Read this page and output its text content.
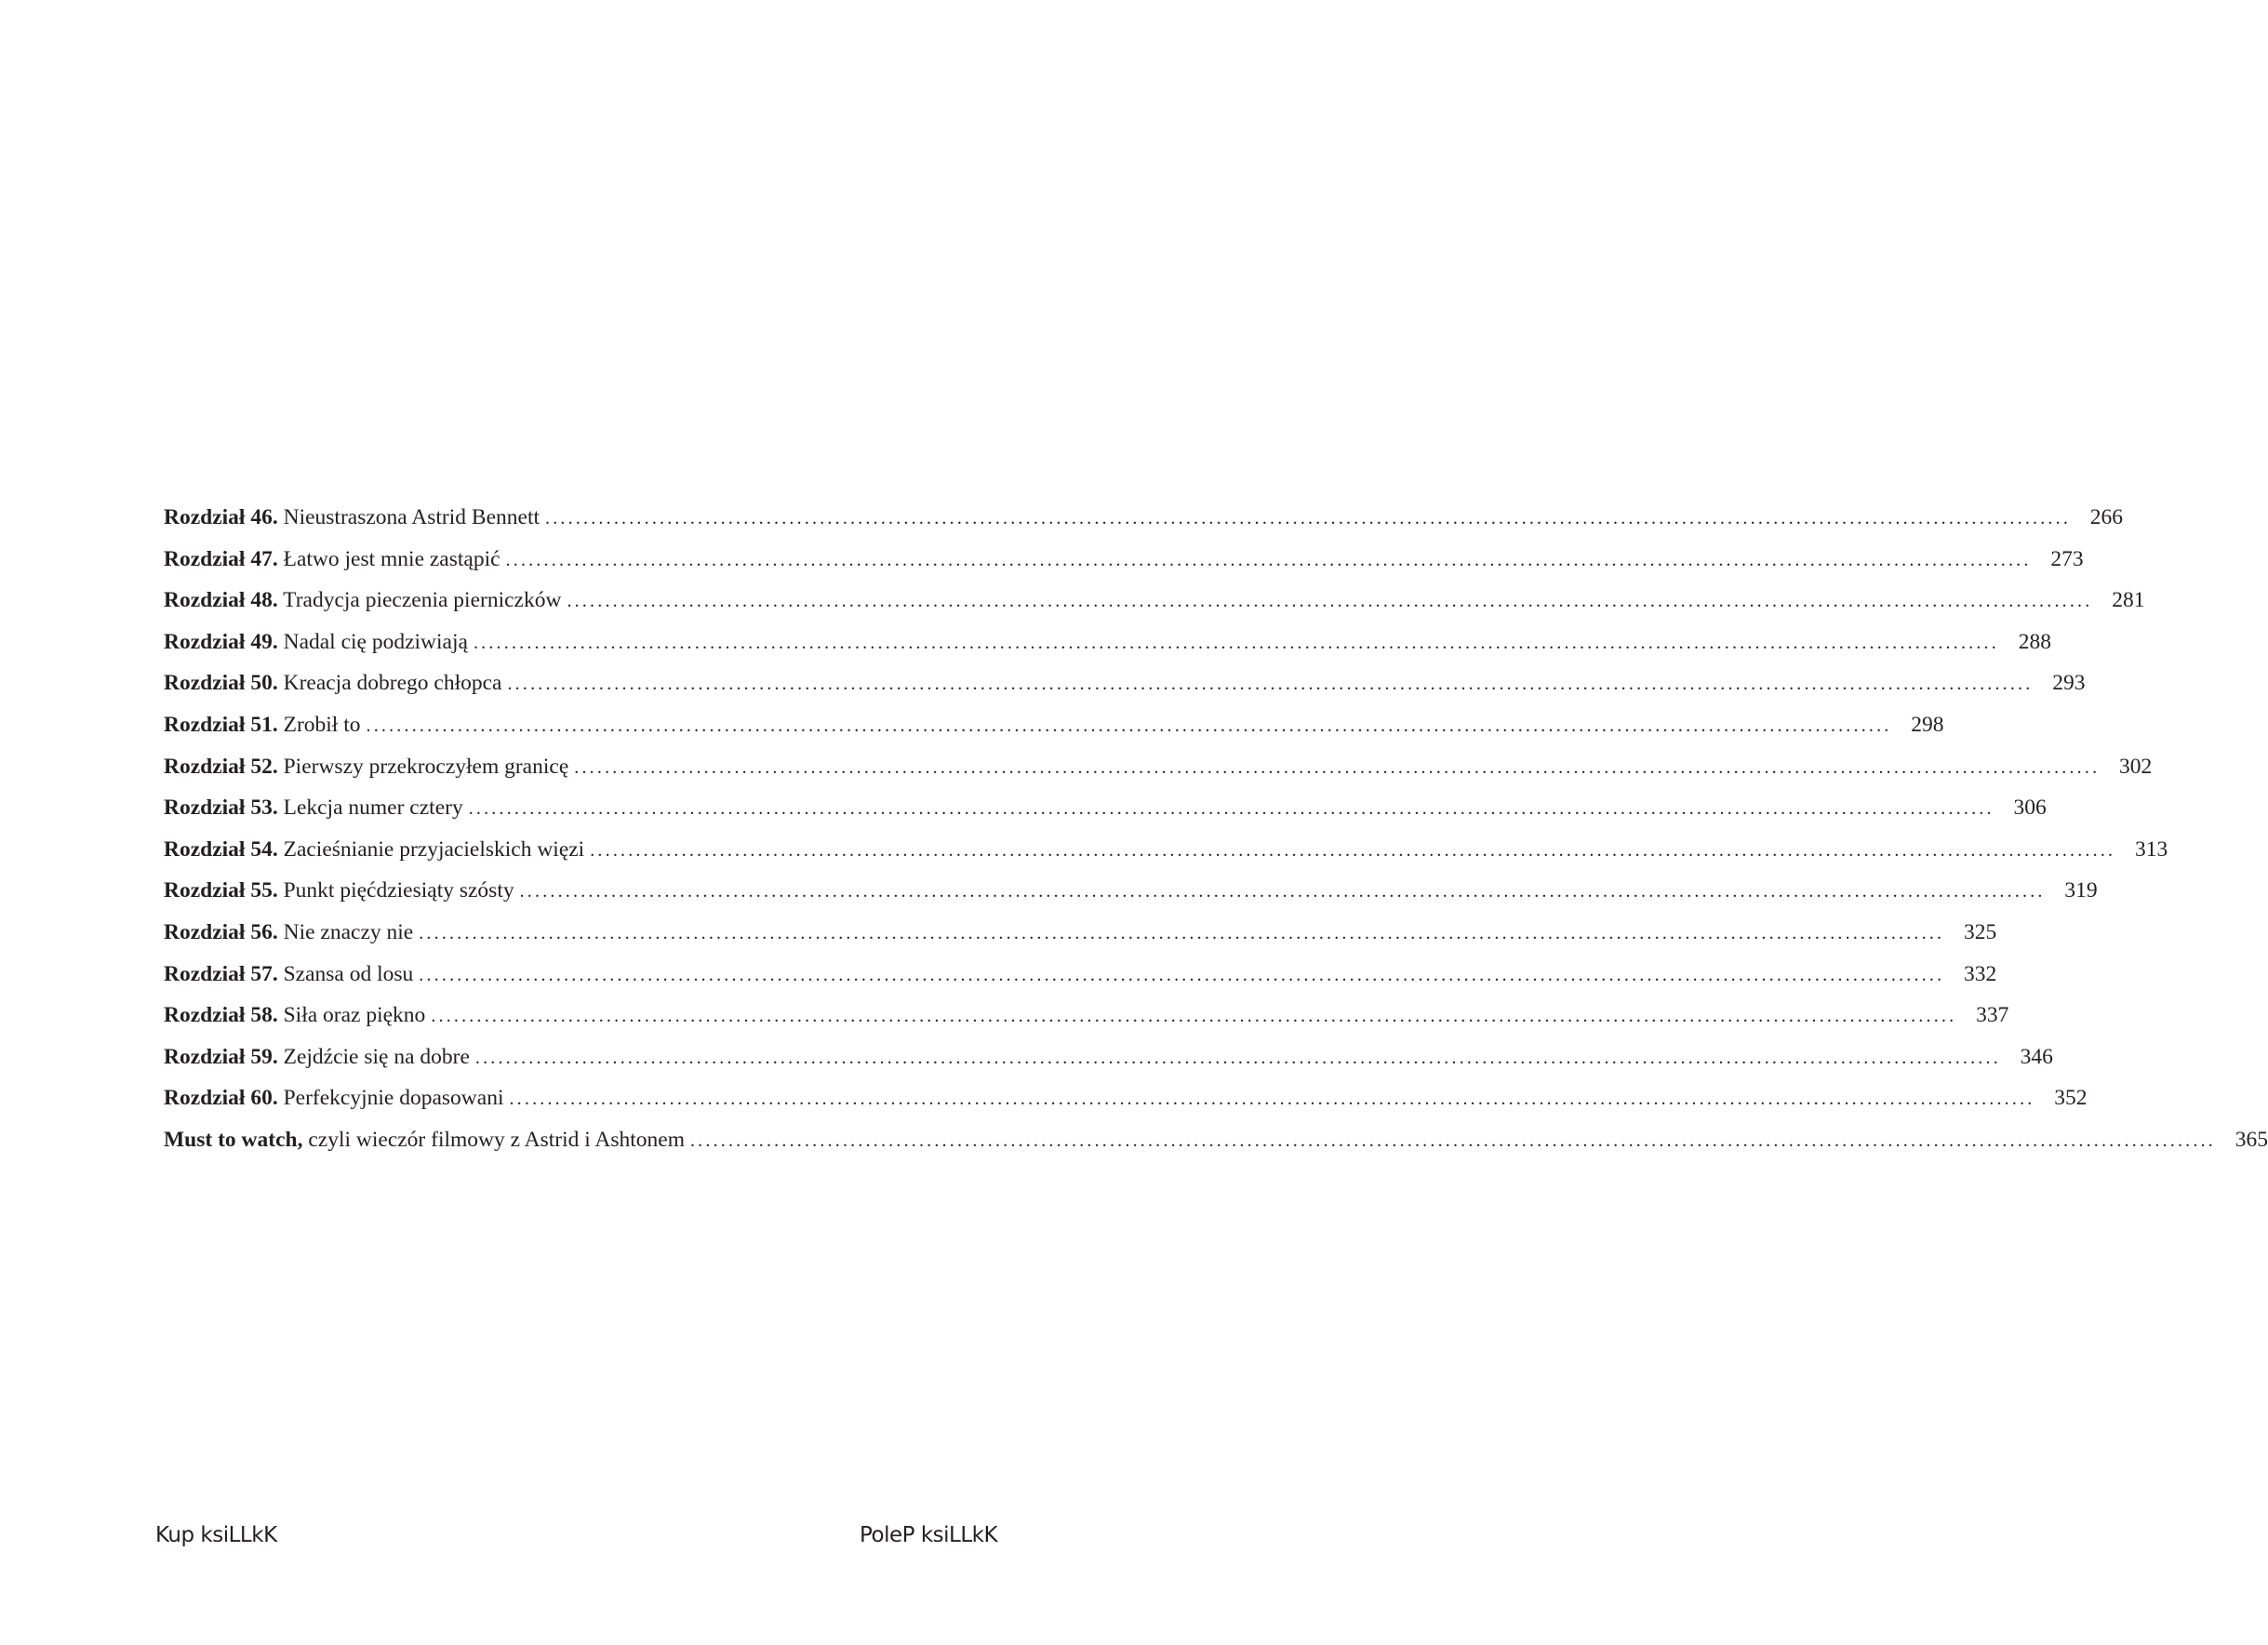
Rozdział 46. Nieustraszona Astrid Bennett ........................................................................................................................................................................................................ 266
Rozdział 47. Łatwo jest mnie zastąpić ........................................................................................................................................................................................................ 273
Rozdział 48. Tradycja pieczenia pierniczków ........................................................................................................................................................................................................ 281
Rozdział 49. Nadal cię podziwiają ........................................................................................................................................................................................................ 288
Rozdział 50. Kreacja dobrego chłopca ........................................................................................................................................................................................................ 293
Rozdział 51. Zrobił to ........................................................................................................................................................................................................ 298
Rozdział 52. Pierwszy przekroczyłem granicę ........................................................................................................................................................................................................ 302
Rozdział 53. Lekcja numer cztery ........................................................................................................................................................................................................ 306
Rozdział 54. Zacieśnianie przyjacielskich więzi ........................................................................................................................................................................................................ 313
Rozdział 55. Punkt pięćdziesiąty szósty ........................................................................................................................................................................................................ 319
Rozdział 56. Nie znaczy nie ........................................................................................................................................................................................................ 325
Rozdział 57. Szansa od losu ........................................................................................................................................................................................................ 332
Rozdział 58. Siła oraz piękno ........................................................................................................................................................................................................ 337
Rozdział 59. Zejdźcie się na dobre ........................................................................................................................................................................................................ 346
Rozdział 60. Perfekcyjnie dopasowani ........................................................................................................................................................................................................ 352
Must to watch, czyli wieczór filmowy z Astrid i Ashtonem ........................................................................................................................................................................................................ 365
Kup ksiLLkK	PoleP ksiLLkK
